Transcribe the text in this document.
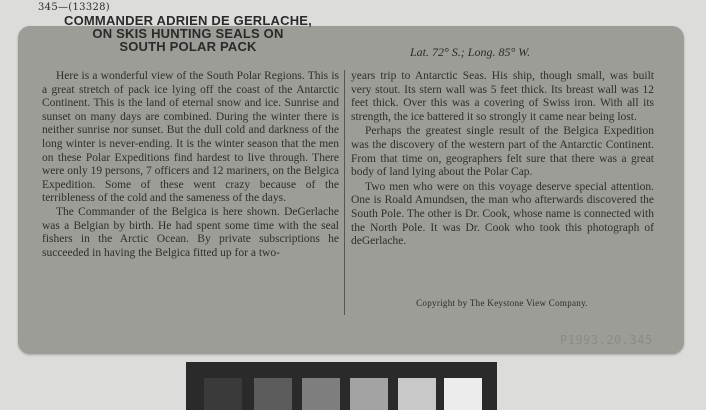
345—(13328)
COMMANDER ADRIEN DE GERLACHE,
ON SKIS HUNTING SEALS ON
SOUTH POLAR PACK	Lat. 72° S.; Long. 85° W.

Here is a wonderful view of the South Polar Regions. This is a great stretch of pack ice lying off the coast of the Antarctic Continent. This is the land of eternal snow and ice. Sunrise and sunset on many days are combined. During the winter there is neither sunrise nor sunset. But the dull cold and darkness of the long winter is never-ending. It is the winter season that the men on these Polar Expeditions find hardest to live through. There were only 19 persons, 7 officers and 12 mariners, on the Belgica Expedition. Some of these went crazy because of the terribleness of the cold and the sameness of the days.

The Commander of the Belgica is here shown. DeGerlache was a Belgian by birth. He had spent some time with the seal fishers in the Arctic Ocean. By private subscriptions he succeeded in having the Belgica fitted up for a two-

years trip to Antarctic Seas. His ship, though small, was built very stout. Its stern wall was 5 feet thick. Its breast wall was 12 feet thick. Over this was a covering of Swiss iron. With all its strength, the ice battered it so strongly it came near being lost.

Perhaps the greatest single result of the Belgica Expedition was the discovery of the western part of the Antarctic Continent. From that time on, geographers felt sure that there was a great body of land lying about the Polar Cap.

Two men who were on this voyage deserve special attention. One is Roald Amundsen, the man who afterwards discovered the South Pole. The other is Dr. Cook, whose name is connected with the North Pole. It was Dr. Cook who took this photograph of deGerlache.

Copyright by The Keystone View Company.
P1993.20.345
